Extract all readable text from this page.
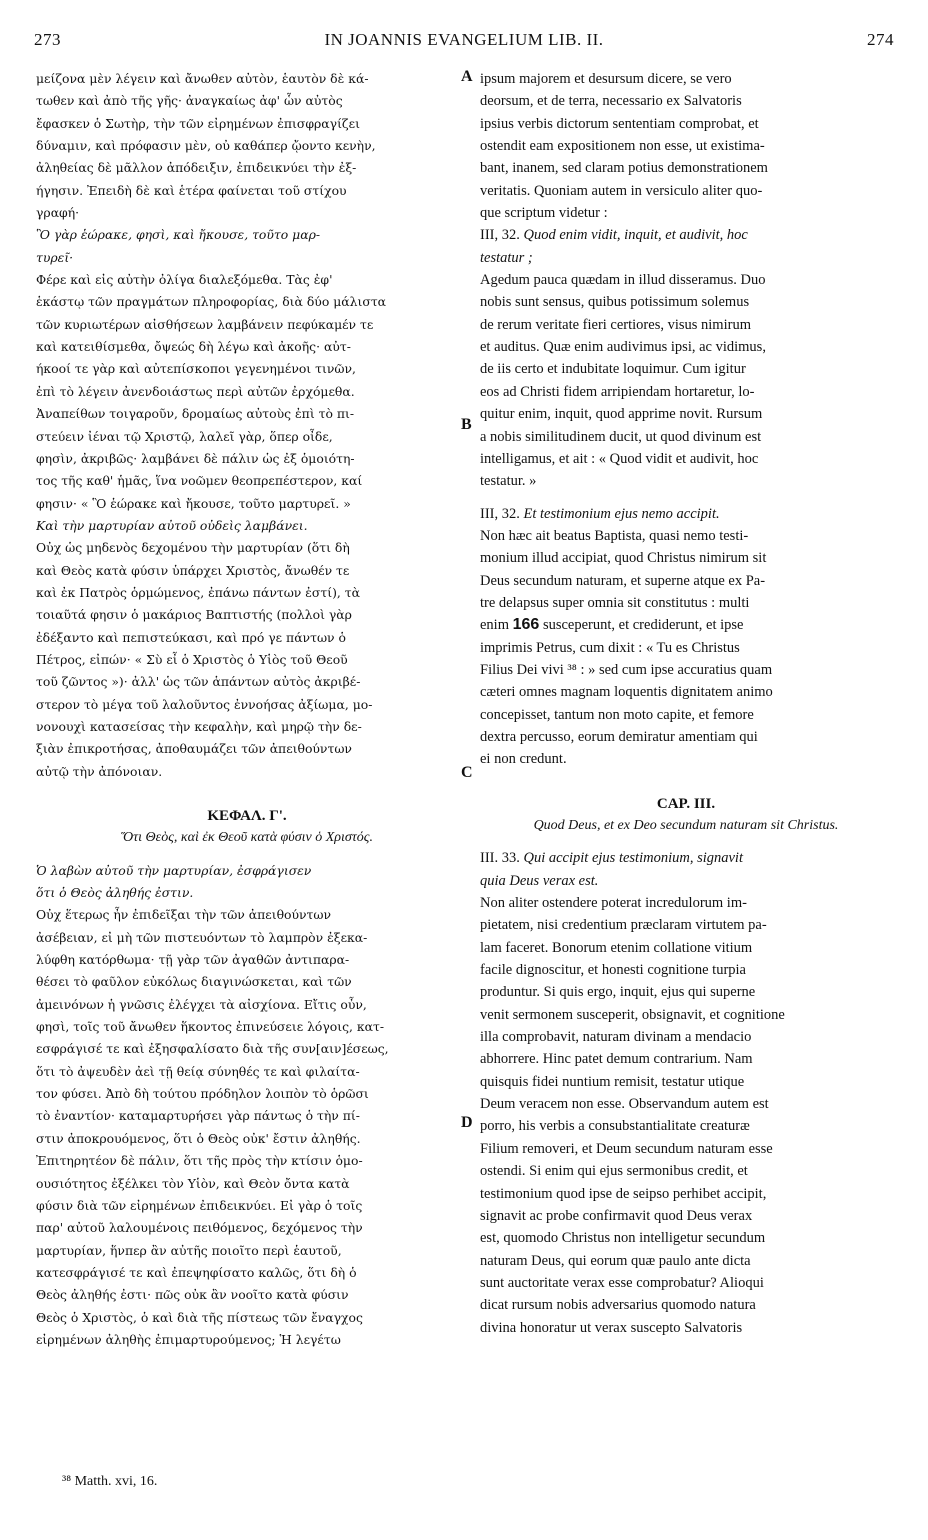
273	IN JOANNIS EVANGELIUM LIB. II.	274
A
B
C
D
μείζονα μὲν λέγειν καὶ ἄνωθεν αὐτὸν, ἑαυτὸν δὲ κά-
τωθεν καὶ ἀπὸ τῆς γῆς· ἀναγκαίως ἀφ' ὧν αὐτὸς
ἔφασκεν ὁ Σωτὴρ, τὴν τῶν εἰρημένων ἐπισφραγίζει
δύναμιν, καὶ πρόφασιν μὲν, οὐ καθάπερ ᾤοντο κενὴν,
ἀληθείας δὲ μᾶλλον ἀπόδειξιν, ἐπιδεικνύει τὴν ἐξ-
ήγησιν. Ἐπειδὴ δὲ καὶ ἑτέρα φαίνεται τοῦ στίχου
γραφή·
Ὃ γὰρ ἑώρακε, φησὶ, καὶ ἤκουσε, τοῦτο μαρ-
τυρεῖ·
Φέρε καὶ εἰς αὐτὴν ὀλίγα διαλεξόμεθα. Τὰς ἐφ'
ἑκάστῳ τῶν πραγμάτων πληροφορίας, διὰ δύο μάλιστα
τῶν κυριωτέρων αἰσθήσεων λαμβάνειν πεφύκαμέν τε
καὶ κατειθίσμεθα, ὄψεώς δὴ λέγω καὶ ἀκοῆς· αὐτ-
ήκοοί τε γὰρ καὶ αὐτεπίσκοποι γεγενημένοι τινῶν,
ἐπὶ τὸ λέγειν ἀνενδοιάστως περὶ αὐτῶν ἐρχόμεθα.
Ἀναπείθων τοιγαροῦν, δρομαίως αὐτοὺς ἐπὶ τὸ πι-
στεύειν ἰέναι τῷ Χριστῷ, λαλεῖ γὰρ, ὅπερ οἶδε,
φησὶν, ἀκριβῶς· λαμβάνει δὲ πάλιν ὡς ἐξ ὁμοιότη-
τος τῆς καθ' ἡμᾶς, ἵνα νοῶμεν θεοπρεπέστερον, καί
φησιν· « Ὃ ἑώρακε καὶ ἤκουσε, τοῦτο μαρτυρεῖ. »
Καὶ τὴν μαρτυρίαν αὐτοῦ οὐδεὶς λαμβάνει.
Οὐχ ὡς μηδενὸς δεχομένου τὴν μαρτυρίαν (ὅτι δὴ
καὶ Θεὸς κατὰ φύσιν ὑπάρχει Χριστὸς, ἄνωθέν τε
καὶ ἐκ Πατρὸς ὁρμώμενος, ἐπάνω πάντων ἐστί), τὰ
τοιαῦτά φησιν ὁ μακάριος Βαπτιστής (πολλοὶ γὰρ
ἐδέξαντο καὶ πεπιστεύκασι, καὶ πρό γε πάντων ὁ
Πέτρος, εἰπών· « Σὺ εἶ ὁ Χριστὸς ὁ Υἱὸς τοῦ Θεοῦ
τοῦ ζῶντος »)· ἀλλ' ὡς τῶν ἁπάντων αὐτὸς ἀκριβέ-
στερον τὸ μέγα τοῦ λαλοῦντος ἐννοήσας ἀξίωμα, μο-
νονουχὶ κατασείσας τὴν κεφαλὴν, καὶ μηρῷ τὴν δε-
ξιὰν ἐπικροτήσας, ἀποθαυμάζει τῶν ἀπειθούντων
αὐτῷ τὴν ἀπόνοιαν.
ΚΕΦΑΛ. Γ'.
Ὅτι Θεὸς, καὶ ἐκ Θεοῦ κατὰ φύσιν ὁ Χριστός.
Ὁ λαβὼν αὐτοῦ τὴν μαρτυρίαν, ἐσφράγισεν
ὅτι ὁ Θεὸς ἀληθής ἐστιν.
Οὐχ ἕτερως ἦν ἐπιδεῖξαι τὴν τῶν ἀπειθούντων
ἀσέβειαν, εἰ μὴ τῶν πιστευόντων τὸ λαμπρὸν ἐξεκα-
λύφθη κατόρθωμα· τῇ γὰρ τῶν ἀγαθῶν ἀντιπαρα-
θέσει τὸ φαῦλον εὐκόλως διαγινώσκεται, καὶ τῶν
ἀμεινόνων ἡ γνῶσις ἐλέγχει τὰ αἰσχίονα. Εἴτις οὖν,
φησὶ, τοῖς τοῦ ἄνωθεν ἥκοντος ἐπινεύσειε λόγοις, κατ-
εσφράγισέ τε καὶ ἐξησφαλίσατο διὰ τῆς συν[αιν]έσεως,
ὅτι τὸ ἀψευδὲν ἀεὶ τῇ θείᾳ σύνηθές τε καὶ φιλαίτα-
τον φύσει. Ἀπὸ δὴ τούτου πρόδηλον λοιπὸν τὸ ὁρῶσι
τὸ ἐναντίον· καταμαρτυρήσει γὰρ πάντως ὁ τὴν πί-
στιν ἀποκρουόμενος, ὅτι ὁ Θεὸς οὐκ' ἔστιν ἀληθής.
Ἐπιτηρητέον δὲ πάλιν, ὅτι τῆς πρὸς τὴν κτίσιν ὁμο-
ουσιότητος ἐξέλκει τὸν Υἱὸν, καὶ Θεὸν ὄντα κατὰ
φύσιν διὰ τῶν εἰρημένων ἐπιδεικνύει. Εἰ γὰρ ὁ τοῖς
παρ' αὐτοῦ λαλουμένοις πειθόμενος, δεχόμενος τὴν
μαρτυρίαν, ἥνπερ ἂν αὐτῆς ποιοῖτο περὶ ἑαυτοῦ,
κατεσφράγισέ τε καὶ ἐπεψηφίσατο καλῶς, ὅτι δὴ ὁ
Θεὸς ἀληθής ἐστι· πῶς οὐκ ἂν νοοῖτο κατὰ φύσιν
Θεὸς ὁ Χριστὸς, ὁ καὶ διὰ τῆς πίστεως τῶν ἔναγχος
εἰρημένων ἀληθὴς ἐπιμαρτυρούμενος; Ἡ λεγέτω
ipsum majorem et desursum dicere, se vero
deorsum, et de terra, necessario ex Salvatoris
ipsius verbis dictorum sententiam comprobat, et
ostendit eam expositionem non esse, ut existima-
bant, inanem, sed claram potius demonstrationem
veritatis. Quoniam autem in versiculo aliter quo-
que scriptum videtur :
III, 32. Quod enim vidit, inquit, et audivit, hoc
testatur ;
Agedum pauca quædam in illud disseramus. Duo
nobis sunt sensus, quibus potissimum solemus
de rerum veritate fieri certiores, visus nimirum
et auditus. Quæ enim audivimus ipsi, ac vidimus,
de iis certo et indubitate loquimur. Cum igitur
eos ad Christi fidem arripiendam hortaretur, lo-
quitur enim, inquit, quod apprime novit. Rursum
a nobis similitudinem ducit, ut quod divinum est
intelligamus, et ait : « Quod vidit et audivit, hoc
testatur. »
III, 32. Et testimonium ejus nemo accipit.
Non hæc ait beatus Baptista, quasi nemo testi-
monium illud accipiat, quod Christus nimirum sit
Deus secundum naturam, et superne atque ex Pa-
tre delapsus super omnia sit constitutus : multi
enim 166 susceperunt, et crediderunt, et ipse
imprimis Petrus, cum dixit : « Tu es Christus
Filius Dei vivi ³⁸ : » sed cum ipse accuratius quam
cæteri omnes magnam loquentis dignitatem animo
concepisset, tantum non moto capite, et femore
dextra percusso, eorum demiratur amentiam qui
ei non credunt.
CAP. III.
Quod Deus, et ex Deo secundum naturam sit Christus.
III. 33. Qui accipit ejus testimonium, signavit
quia Deus verax est.
Non aliter ostendere poterat incredulorum im-
pietatem, nisi credentium præclaram virtutem pa-
lam faceret. Bonorum etenim collatione vitium
facile dignoscitur, et honesti cognitione turpia
produntur. Si quis ergo, inquit, ejus qui superne
venit sermonem susceperit, obsignavit, et cognitione
illa comprobavit, naturam divinam a mendacio
abhorrere. Hinc patet demum contrarium. Nam
quisquis fidei nuntium remisit, testatur utique
Deum veracem non esse. Observandum autem est
porro, his verbis a consubstantialitate creaturæ
Filium removeri, et Deum secundum naturam esse
ostendi. Si enim qui ejus sermonibus credit, et
testimonium quod ipse de seipso perhibet accipit,
signavit ac probe confirmavit quod Deus verax
est, quomodo Christus non intelligetur secundum
naturam Deus, qui eorum quæ paulo ante dicta
sunt auctoritate verax esse comprobatur? Alioqui
dicat rursum nobis adversarius quomodo natura
divina honoratur ut verax suscepto Salvatoris
³⁸ Matth. xvi, 16.
